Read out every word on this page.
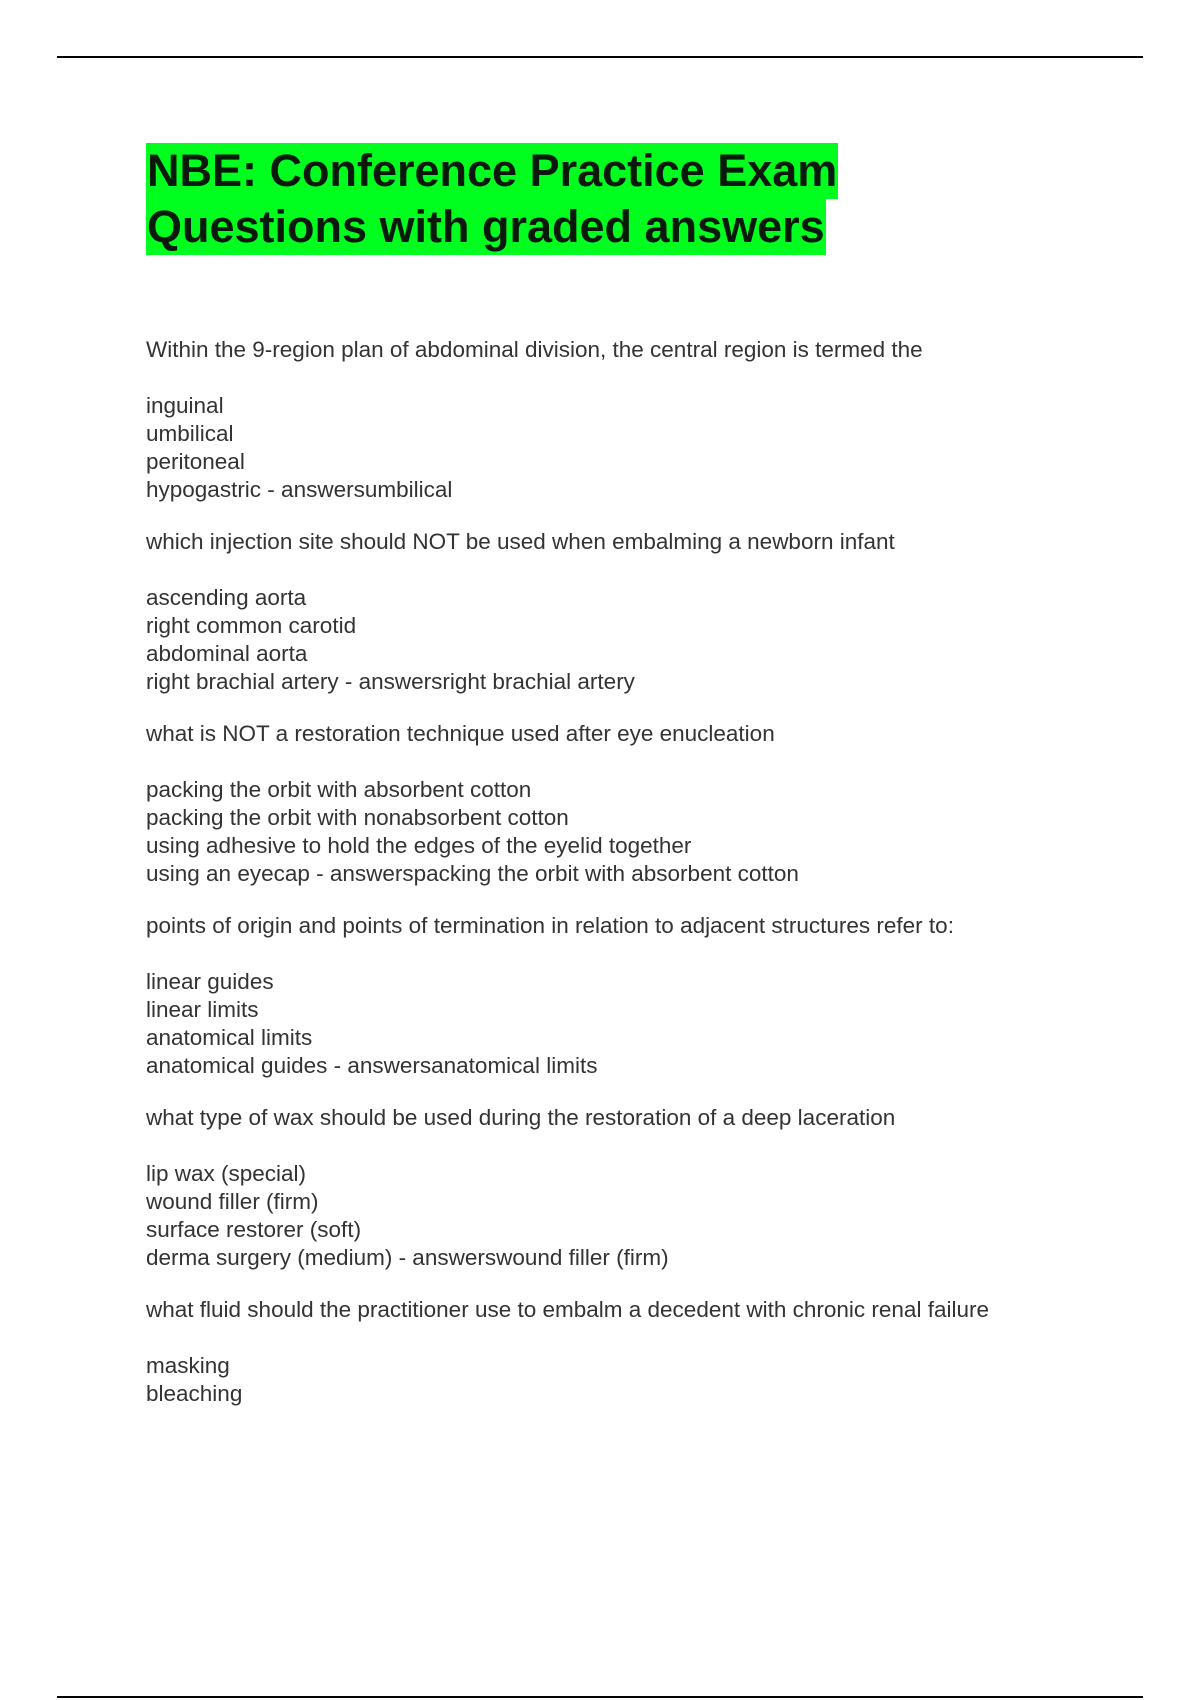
NBE: Conference Practice Exam
Questions with graded answers

Within the 9-region plan of abdominal division, the central region is termed the

inguinal

umbilical

peritoneal

hypogastric - answersumbilical

which injection site should NOT be used when embalming a newborn infant

ascending aorta

right common carotid

abdominal aorta

right brachial artery - answersright brachial artery

what is NOT a restoration technique used after eye enucleation

packing the orbit with absorbent cotton

packing the orbit with nonabsorbent cotton

using adhesive to hold the edges of the eyelid together

using an eyecap - answerspacking the orbit with absorbent cotton

points of origin and points of termination in relation to adjacent structures refer to:

linear guides

linear limits

anatomical limits

anatomical guides - answersanatomical limits

what type of wax should be used during the restoration of a deep laceration

lip wax (special)

wound filler (firm)

surface restorer (soft)

derma surgery (medium) - answerswound filler (firm)

what fluid should the practitioner use to embalm a decedent with chronic renal failure

masking

bleaching
